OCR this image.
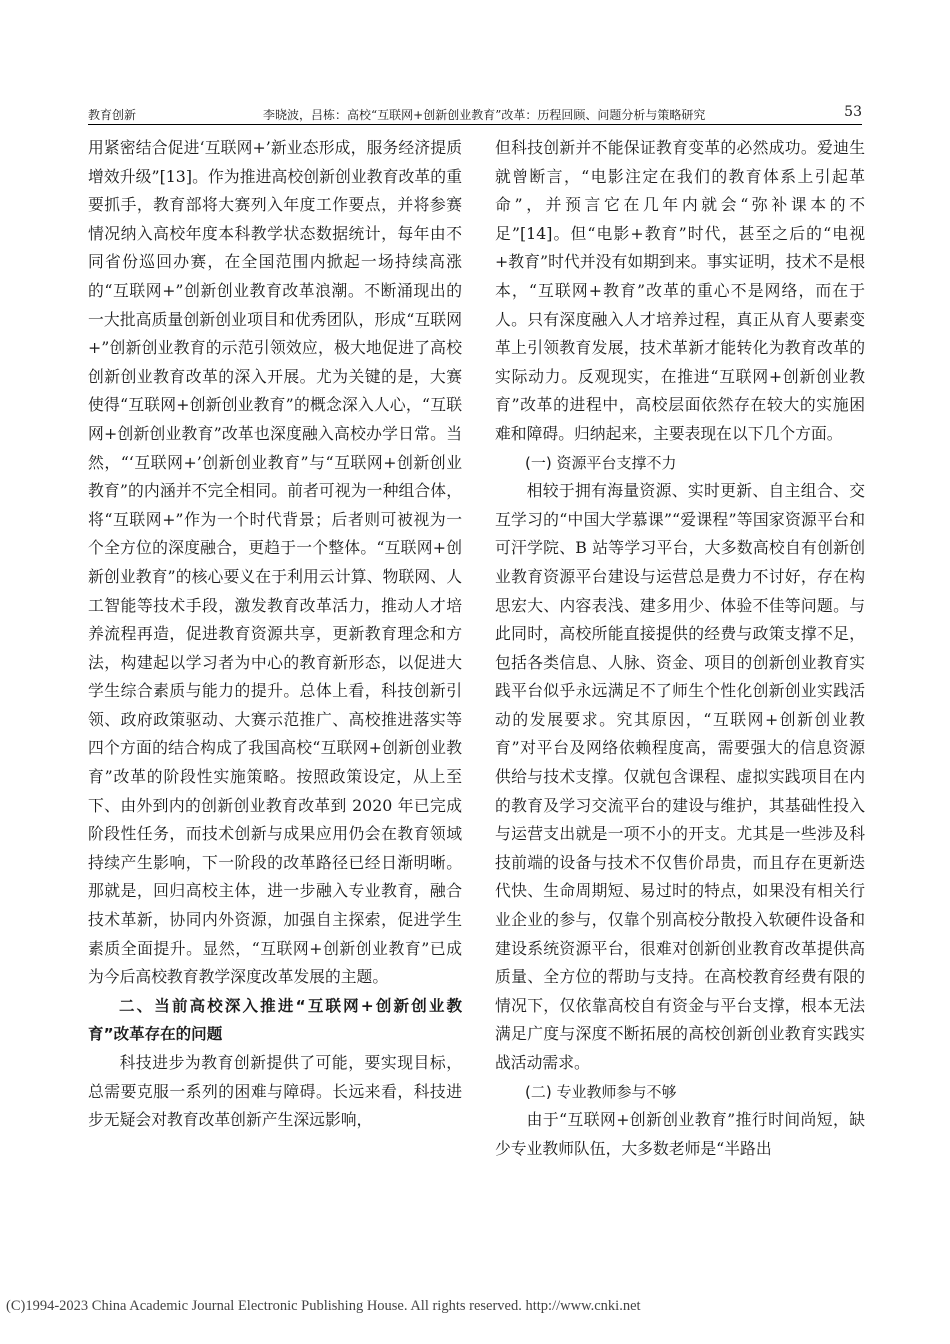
教育创新	李晓波，吕栋：高校“互联网+创新创业教育”改革：历程回顾、问题分析与策略研究	53

用紧密结合促进‘互联网+’新业态形成，服务经济提质增效升级”[13]。作为推进高校创新创业教育改革的重要抓手，教育部将大赛列入年度工作要点，并将参赛情况纳入高校年度本科教学状态数据统计，每年由不同省份巡回办赛，在全国范围内掀起一场持续高涨的“互联网+”创新创业教育改革浪潮。不断涌现出的一大批高质量创新创业项目和优秀团队，形成“互联网+”创新创业教育的示范引领效应，极大地促进了高校创新创业教育改革的深入开展。尤为关键的是，大赛使得“互联网+创新创业教育”的概念深入人心，“互联网+创新创业教育”改革也深度融入高校办学日常。当然，“‘互联网+’创新创业教育”与“互联网+创新创业教育”的内涵并不完全相同。前者可视为一种组合体，将“互联网+”作为一个时代背景；后者则可被视为一个全方位的深度融合，更趋于一个整体。“互联网+创新创业教育”的核心要义在于利用云计算、物联网、人工智能等技术手段，激发教育改革活力，推动人才培养流程再造，促进教育资源共享，更新教育理念和方法，构建起以学习者为中心的教育新形态，以促进大学生综合素质与能力的提升。总体上看，科技创新引领、政府政策驱动、大赛示范推广、高校推进落实等四个方面的结合构成了我国高校“互联网+创新创业教育”改革的阶段性实施策略。按照政策设定，从上至下、由外到内的创新创业教育改革到 2020 年已完成阶段性任务，而技术创新与成果应用仍会在教育领域持续产生影响，下一阶段的改革路径已经日渐明晰。那就是，回归高校主体，进一步融入专业教育，融合技术革新，协同内外资源，加强自主探索，促进学生素质全面提升。显然，“互联网+创新创业教育”已成为今后高校教育教学深度改革发展的主题。

二、当前高校深入推进“互联网+创新创业教育”改革存在的问题

科技进步为教育创新提供了可能，要实现目标，总需要克服一系列的困难与障碍。长远来看，科技进步无疑会对教育改革创新产生深远影响，

但科技创新并不能保证教育变革的必然成功。爱迪生就曾断言，“电影注定在我们的教育体系上引起革命”，并预言它在几年内就会“弥补课本的不足”[14]。但“电影+教育”时代，甚至之后的“电视+教育”时代并没有如期到来。事实证明，技术不是根本，“互联网+教育”改革的重心不是网络，而在于人。只有深度融入人才培养过程，真正从育人要素变革上引领教育发展，技术革新才能转化为教育改革的实际动力。反观现实，在推进“互联网+创新创业教育”改革的进程中，高校层面依然存在较大的实施困难和障碍。归纳起来，主要表现在以下几个方面。

(一) 资源平台支撑不力

相较于拥有海量资源、实时更新、自主组合、交互学习的“中国大学慕课”“爱课程”等国家资源平台和可汗学院、B 站等学习平台，大多数高校自有创新创业教育资源平台建设与运营总是费力不讨好，存在构思宏大、内容表浅、建多用少、体验不佳等问题。与此同时，高校所能直接提供的经费与政策支撑不足，包括各类信息、人脉、资金、项目的创新创业教育实践平台似乎永远满足不了师生个性化创新创业实践活动的发展要求。究其原因，“互联网+创新创业教育”对平台及网络依赖程度高，需要强大的信息资源供给与技术支撑。仅就包含课程、虚拟实践项目在内的教育及学习交流平台的建设与维护，其基础性投入与运营支出就是一项不小的开支。尤其是一些涉及科技前端的设备与技术不仅售价昂贵，而且存在更新迭代快、生命周期短、易过时的特点，如果没有相关行业企业的参与，仅靠个别高校分散投入软硬件设备和建设系统资源平台，很难对创新创业教育改革提供高质量、全方位的帮助与支持。在高校教育经费有限的情况下，仅依靠高校自有资金与平台支撑，根本无法满足广度与深度不断拓展的高校创新创业教育实践实战活动需求。

(二) 专业教师参与不够

由于“互联网+创新创业教育”推行时间尚短，缺少专业教师队伍，大多数老师是“半路出

(C)1994-2023 China Academic Journal Electronic Publishing House. All rights reserved. http://www.cnki.net
